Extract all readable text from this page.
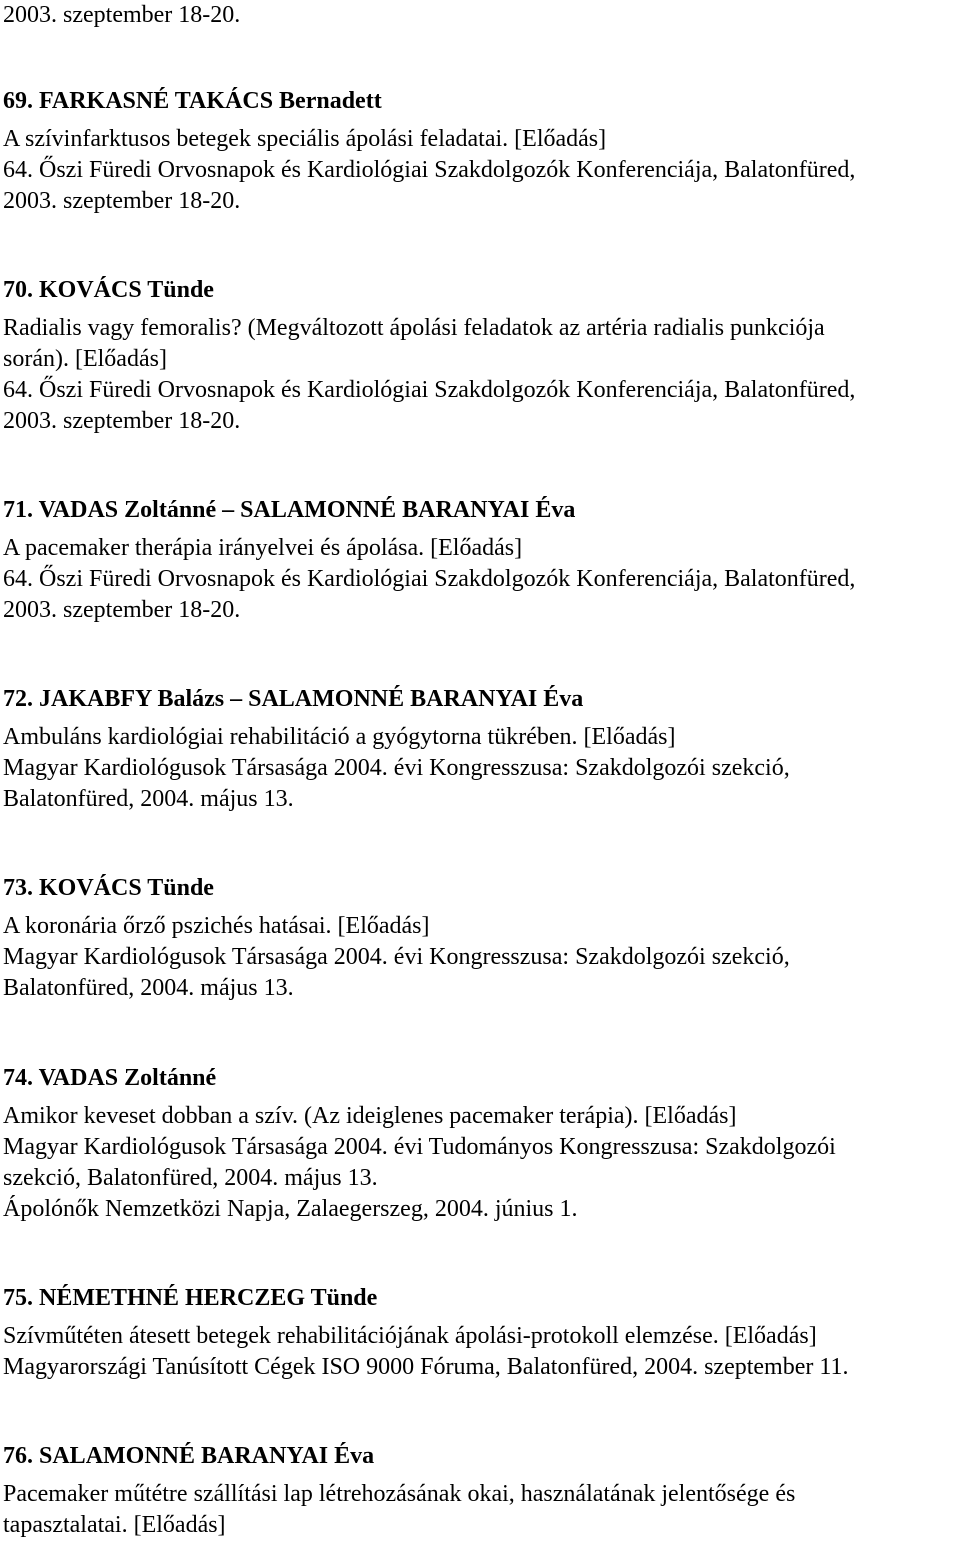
2003. szeptember 18-20.
69. FARKASNÉ TAKÁCS Bernadett
A szívinfarktusos betegek speciális ápolási feladatai. [Előadás]
64. Őszi Füredi Orvosnapok és Kardiológiai Szakdolgozók Konferenciája, Balatonfüred,
2003. szeptember 18-20.
70. KOVÁCS Tünde
Radialis vagy femoralis? (Megváltozott ápolási feladatok az artéria radialis punkciója
során). [Előadás]
64. Őszi Füredi Orvosnapok és Kardiológiai Szakdolgozók Konferenciája, Balatonfüred,
2003. szeptember 18-20.
71. VADAS Zoltánné – SALAMONNÉ BARANYAI Éva
A pacemaker therápia irányelvei és ápolása. [Előadás]
64. Őszi Füredi Orvosnapok és Kardiológiai Szakdolgozók Konferenciája, Balatonfüred,
2003. szeptember 18-20.
72. JAKABFY Balázs – SALAMONNÉ BARANYAI Éva
Ambuláns kardiológiai rehabilitáció a gyógytorna tükrében. [Előadás]
Magyar Kardiológusok Társasága 2004. évi Kongresszusa: Szakdolgozói szekció,
Balatonfüred, 2004. május 13.
73. KOVÁCS Tünde
A koronária őrző pszichés hatásai. [Előadás]
Magyar Kardiológusok Társasága 2004. évi Kongresszusa: Szakdolgozói szekció,
Balatonfüred, 2004. május 13.
74. VADAS Zoltánné
Amikor keveset dobban a szív. (Az ideiglenes pacemaker terápia). [Előadás]
Magyar Kardiológusok Társasága 2004. évi Tudományos Kongresszusa: Szakdolgozói
szekció, Balatonfüred, 2004. május 13.
Ápolónők Nemzetközi Napja, Zalaegerszeg, 2004. június 1.
75. NÉMETHNÉ HERCZEG Tünde
Szívműtéten átesett betegek rehabilitációjának ápolási-protokoll elemzése. [Előadás]
Magyarországi Tanúsított Cégek ISO 9000 Fóruma, Balatonfüred, 2004. szeptember 11.
76. SALAMONNÉ BARANYAI Éva
Pacemaker műtétre szállítási lap létrehozásának okai, használatának jelentősége és
tapasztalatai. [Előadás]
